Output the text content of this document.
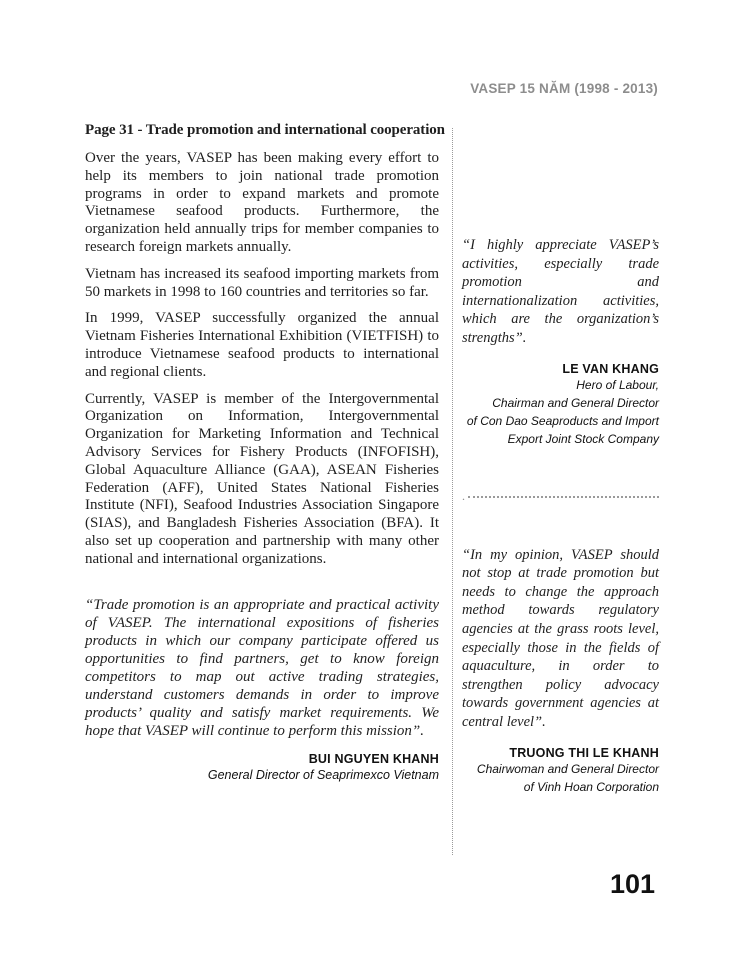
VASEP 15 NĂM (1998 - 2013)
Page 31 - Trade promotion and international cooperation

Over the years, VASEP has been making every effort to help its members to join national trade promotion programs in order to expand markets and promote Vietnamese seafood products. Furthermore, the organization held annually trips for member companies to research foreign markets annually.

Vietnam has increased its seafood importing markets from 50 markets in 1998 to 160 countries and territories so far.

In 1999, VASEP successfully organized the annual Vietnam Fisheries International Exhibition (VIETFISH) to introduce Vietnamese seafood products to international and regional clients.

Currently, VASEP is member of the Intergovernmental Organization on Information, Intergovernmental Organization for Marketing Information and Technical Advisory Services for Fishery Products (INFOFISH), Global Aquaculture Alliance (GAA), ASEAN Fisheries Federation (AFF), United States National Fisheries Institute (NFI), Seafood Industries Association Singapore (SIAS), and Bangladesh Fisheries Association (BFA). It also set up cooperation and partnership with many other national and international organizations.

“Trade promotion is an appropriate and practical activity of VASEP. The international expositions of fisheries products in which our company participate offered us opportunities to find partners, get to know foreign competitors to map out active trading strategies, understand customers demands in order to improve products’ quality and satisfy market requirements. We hope that VASEP will continue to perform this mission”.

BUI NGUYEN KHANH
General Director of Seaprimexco Vietnam

“I highly appreciate VASEP’s activities, especially trade promotion and internationalization activities, which are the organization’s strengths”.

LE VAN KHANG
Hero of Labour,
Chairman and General Director
of Con Dao Seaproducts and Import
Export Joint Stock Company
.

“In my opinion, VASEP should not stop at trade promotion but needs to change the approach method towards regulatory agencies at the grass roots level, especially those in the fields of aquaculture, in order to strengthen policy advocacy towards government agencies at central level”.

TRUONG THI LE KHANH
Chairwoman and General Director
of Vinh Hoan Corporation
101
